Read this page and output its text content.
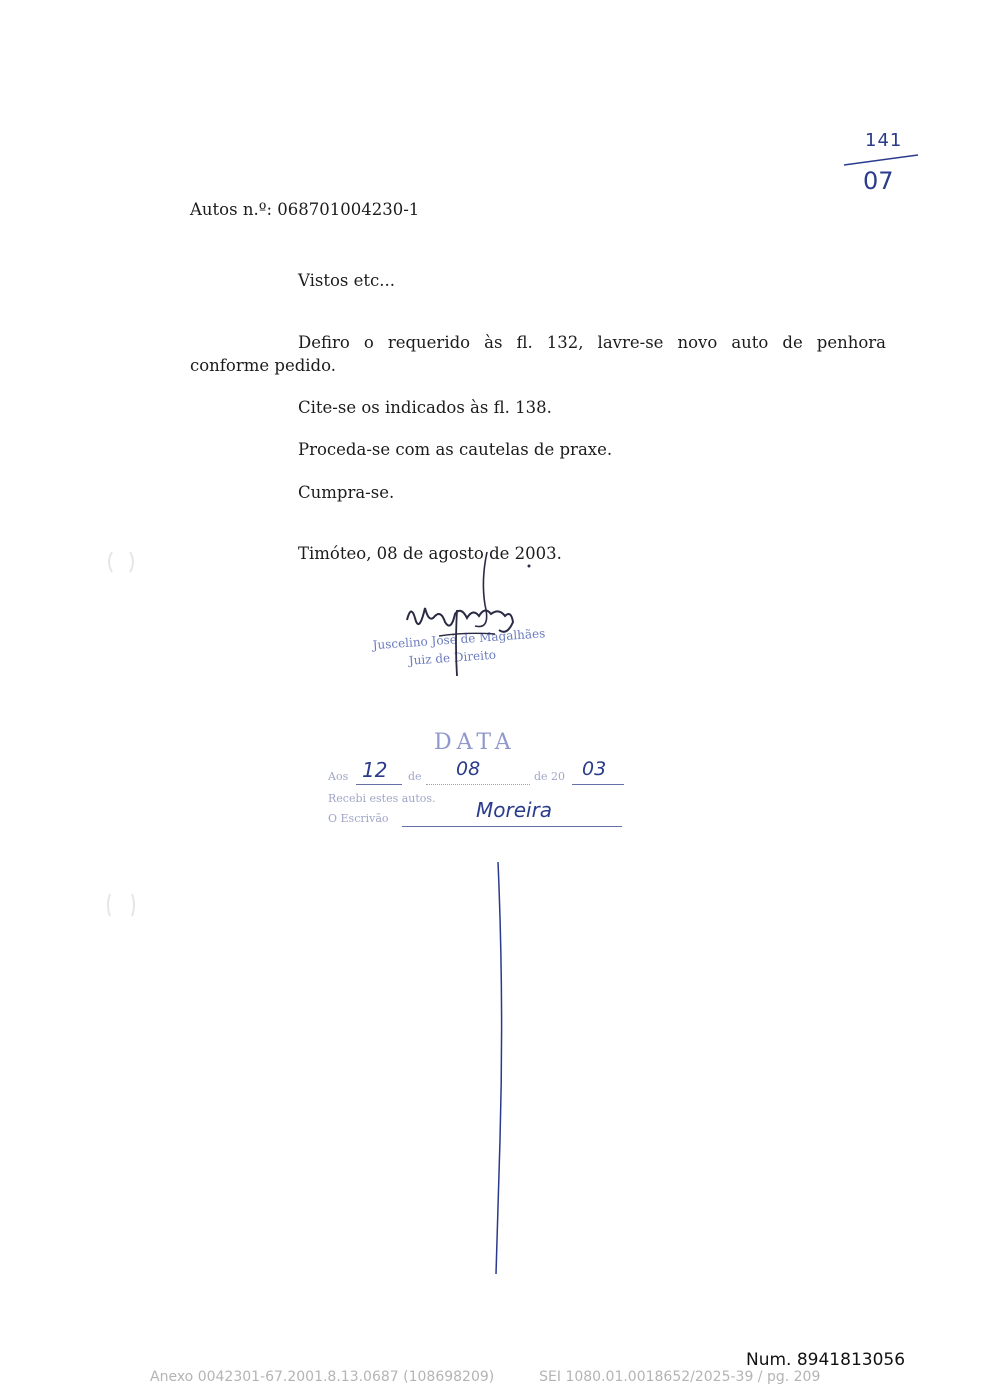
141
07
Autos n.º: 068701004230-1
Vistos etc...
Defiro o requerido às fl. 132, lavre-se novo auto de penhora
conforme pedido.
Cite-se os indicados às fl. 138.
Proceda-se com as cautelas de praxe.
Cumpra-se.
Timóteo, 08 de agosto de 2003.
Juscelino José de Magalhães
Juiz de Direito
DATA
Aos 12 de 08	de 20 03
Recebi estes autos.
O Escrivão	Moreira
Num. 8941813056
Anexo 0042301-67.2001.8.13.0687 (108698209)	SEI 1080.01.0018652/2025-39 / pg. 209
